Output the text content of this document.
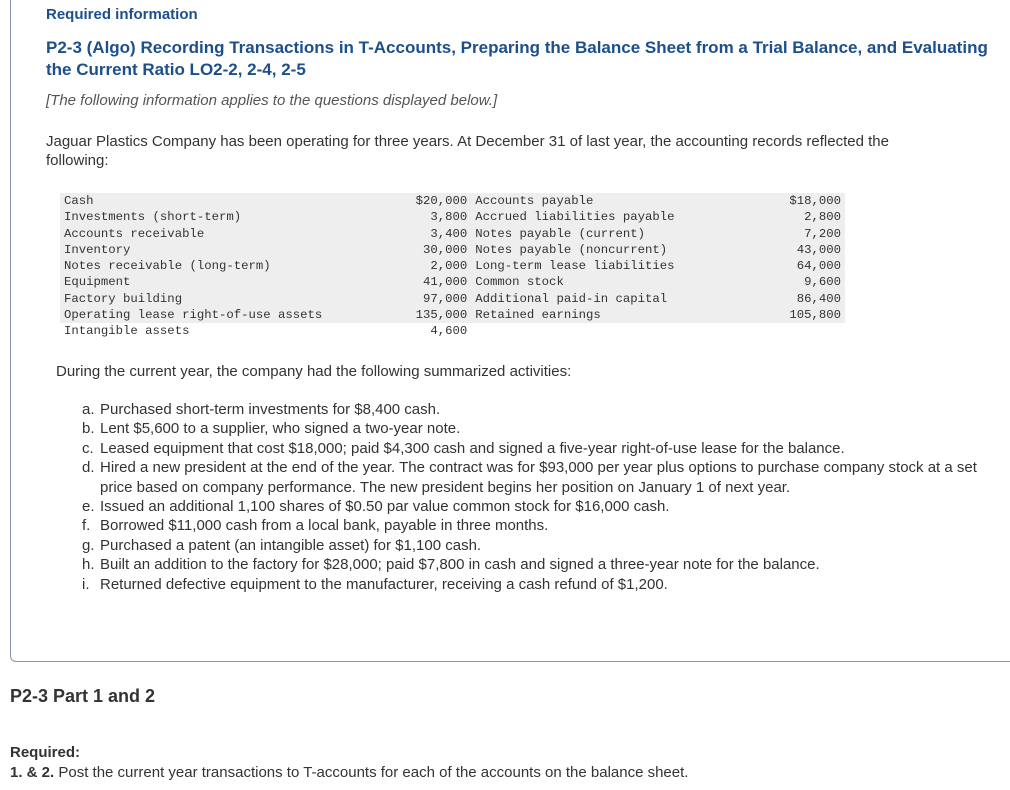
Required information
P2-3 (Algo) Recording Transactions in T-Accounts, Preparing the Balance Sheet from a Trial Balance, and Evaluating the Current Ratio LO2-2, 2-4, 2-5
[The following information applies to the questions displayed below.]
Jaguar Plastics Company has been operating for three years. At December 31 of last year, the accounting records reflected the following:
Cash	$20,000	Accounts payable	$18,000
Investments (short-term)	3,800	Accrued liabilities payable	2,800
Accounts receivable	3,400	Notes payable (current)	7,200
Inventory	30,000	Notes payable (noncurrent)	43,000
Notes receivable (long-term)	2,000	Long-term lease liabilities	64,000
Equipment	41,000	Common stock	9,600
Factory building	97,000	Additional paid-in capital	86,400
Operating lease right-of-use assets	135,000	Retained earnings	105,800
Intangible assets	4,600		
During the current year, the company had the following summarized activities:
a. Purchased short-term investments for $8,400 cash.
b. Lent $5,600 to a supplier, who signed a two-year note.
c. Leased equipment that cost $18,000; paid $4,300 cash and signed a five-year right-of-use lease for the balance.
d. Hired a new president at the end of the year. The contract was for $93,000 per year plus options to purchase company stock at a set price based on company performance. The new president begins her position on January 1 of next year.
e. Issued an additional 1,100 shares of $0.50 par value common stock for $16,000 cash.
f. Borrowed $11,000 cash from a local bank, payable in three months.
g. Purchased a patent (an intangible asset) for $1,100 cash.
h. Built an addition to the factory for $28,000; paid $7,800 in cash and signed a three-year note for the balance.
i. Returned defective equipment to the manufacturer, receiving a cash refund of $1,200.
P2-3 Part 1 and 2
Required:
1. & 2. Post the current year transactions to T-accounts for each of the accounts on the balance sheet.
